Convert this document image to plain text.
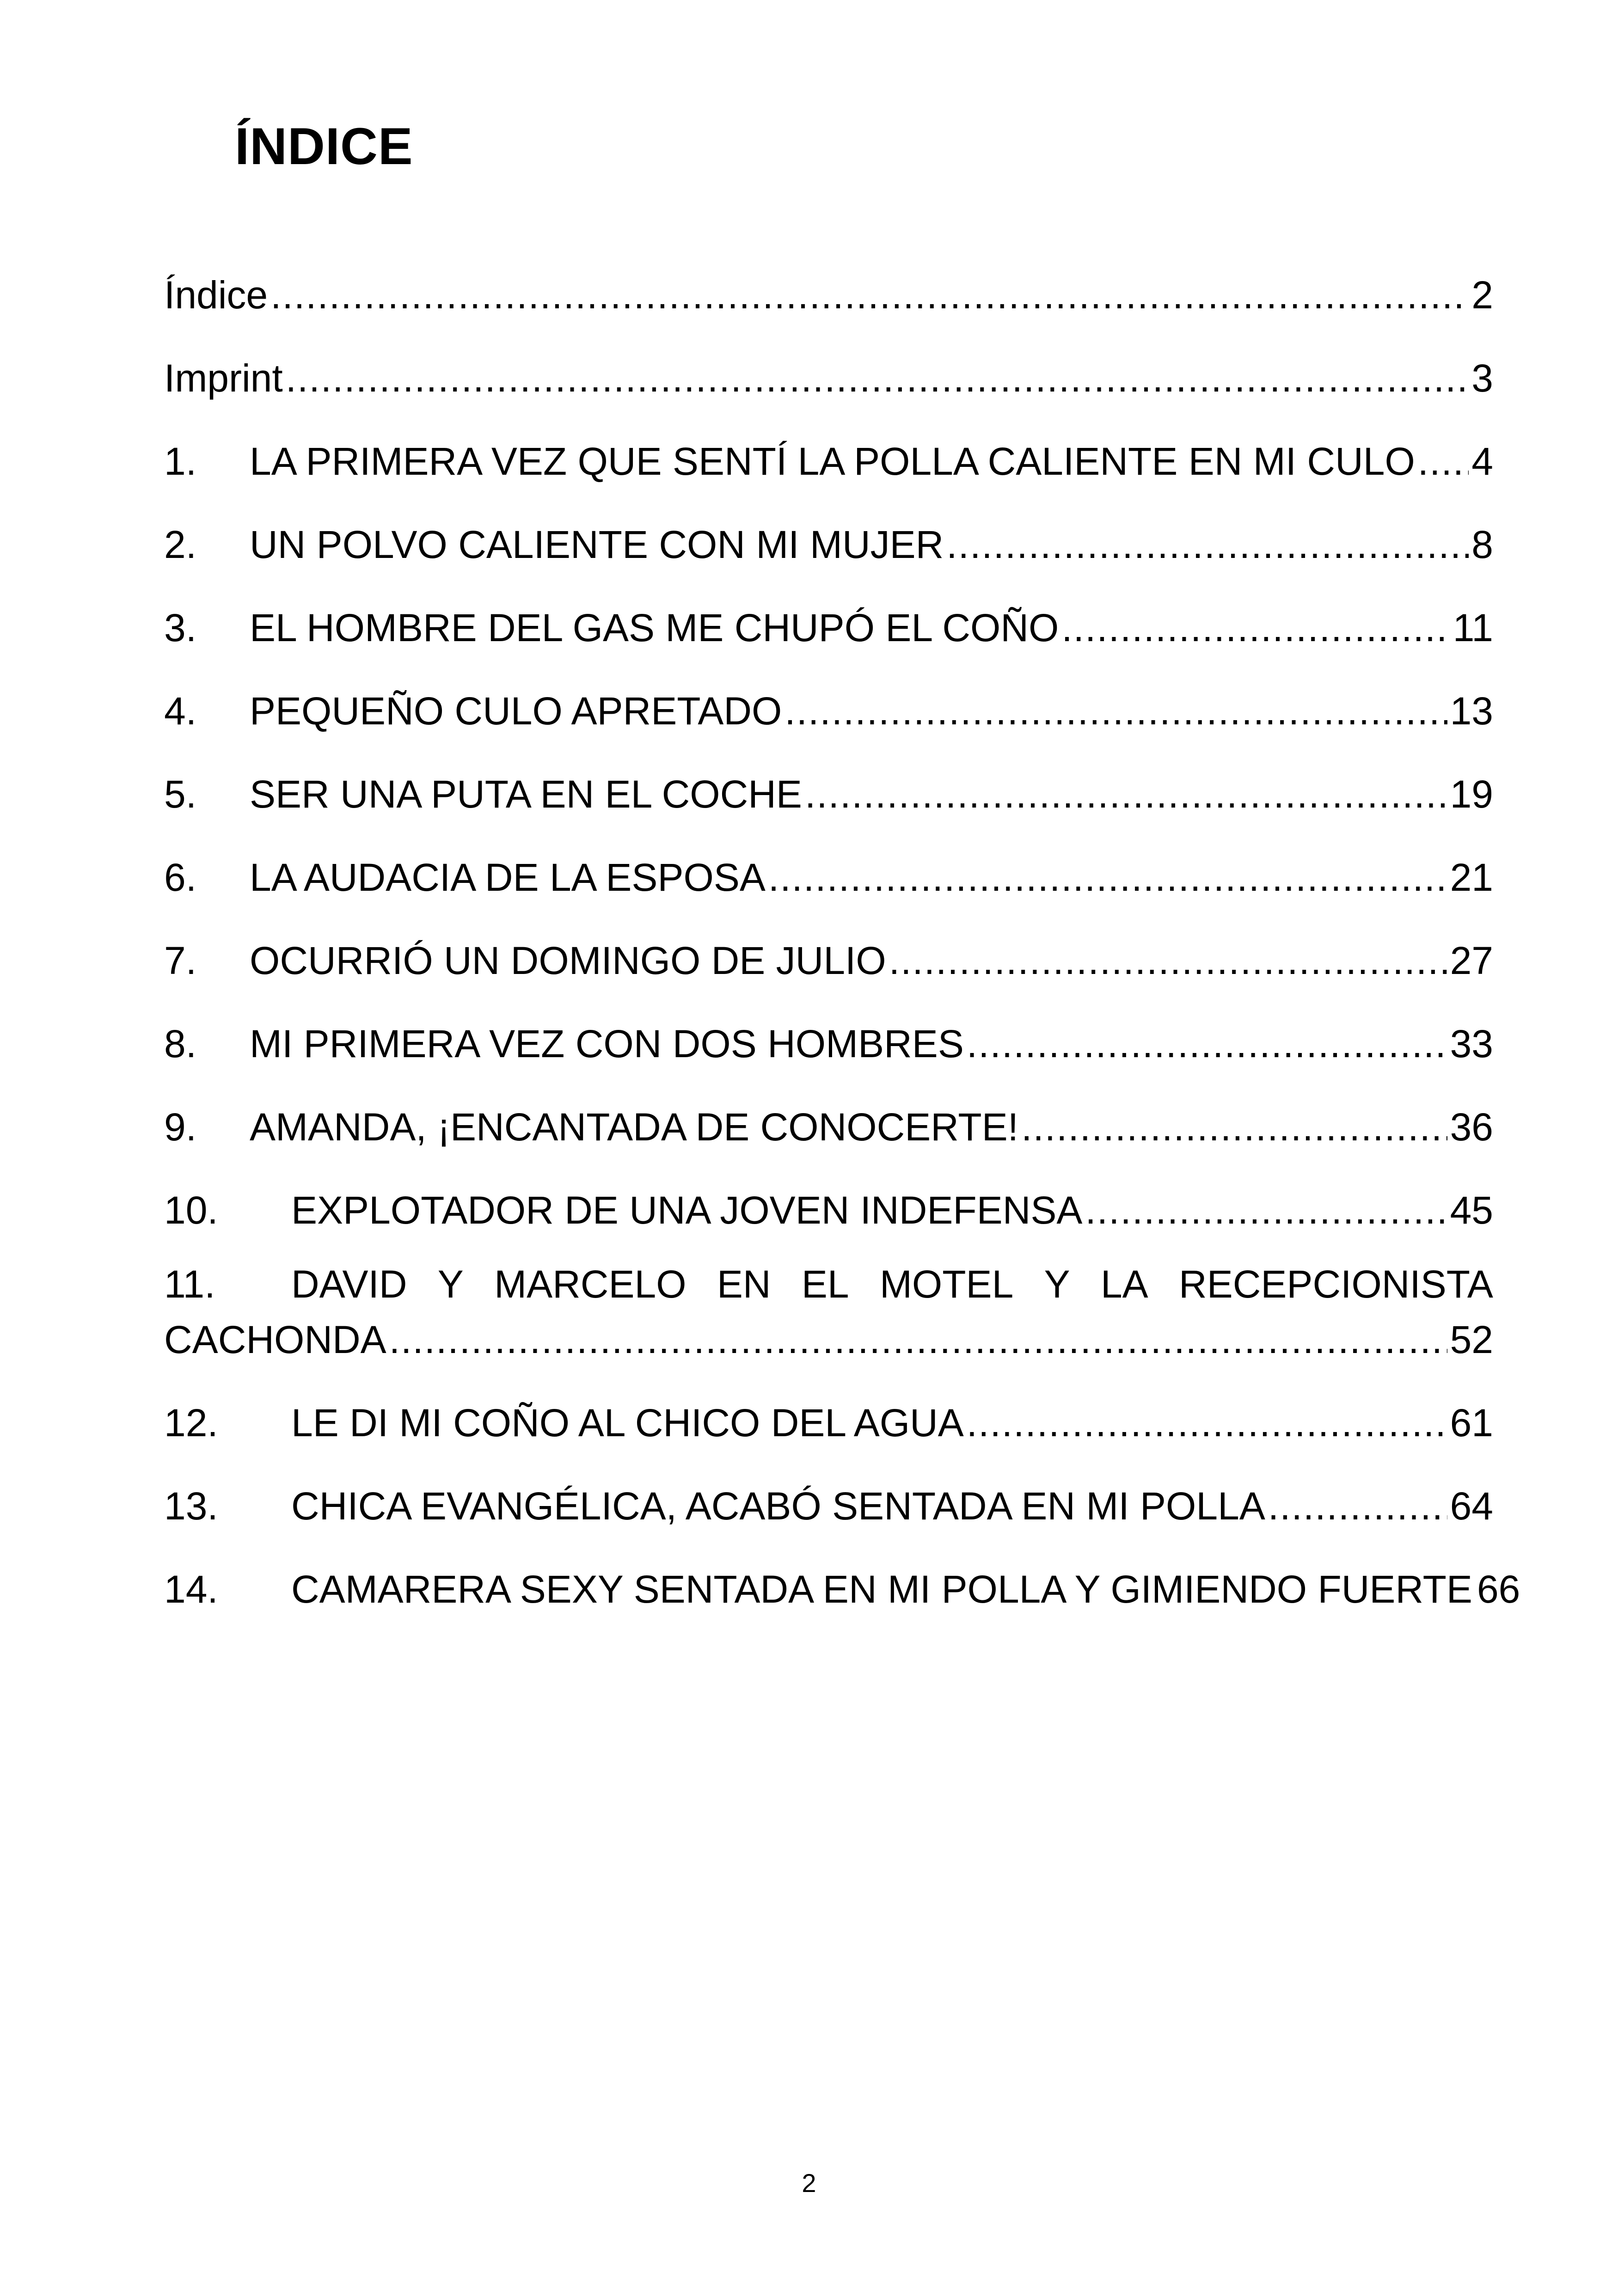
ÍNDICE
Índice .....	2
Imprint .....	3
1.	LA PRIMERA VEZ QUE SENTÍ LA POLLA CALIENTE EN MI CULO ..... 4
2.	UN POLVO CALIENTE CON MI MUJER .....	8
3.	EL HOMBRE DEL GAS ME CHUPÓ EL COÑO .....	11
4.	PEQUEÑO CULO APRETADO .....	13
5.	SER UNA PUTA EN EL COCHE .....	19
6.	LA AUDACIA DE LA ESPOSA .....	21
7.	OCURRIÓ UN DOMINGO DE JULIO .....	27
8.	MI PRIMERA VEZ CON DOS HOMBRES .....	33
9.	AMANDA, ¡ENCANTADA DE CONOCERTE! .....	36
10.	EXPLOTADOR DE UNA JOVEN INDEFENSA .....	45
11.	DAVID Y MARCELO EN EL MOTEL Y LA RECEPCIONISTA
CACHONDA .....	52
12.	LE DI MI COÑO AL CHICO DEL AGUA .....	61
13.	CHICA EVANGÉLICA, ACABÓ SENTADA EN MI POLLA .....	64
14.	CAMARERA SEXY SENTADA EN MI POLLA Y GIMIENDO FUERTE 66
2
